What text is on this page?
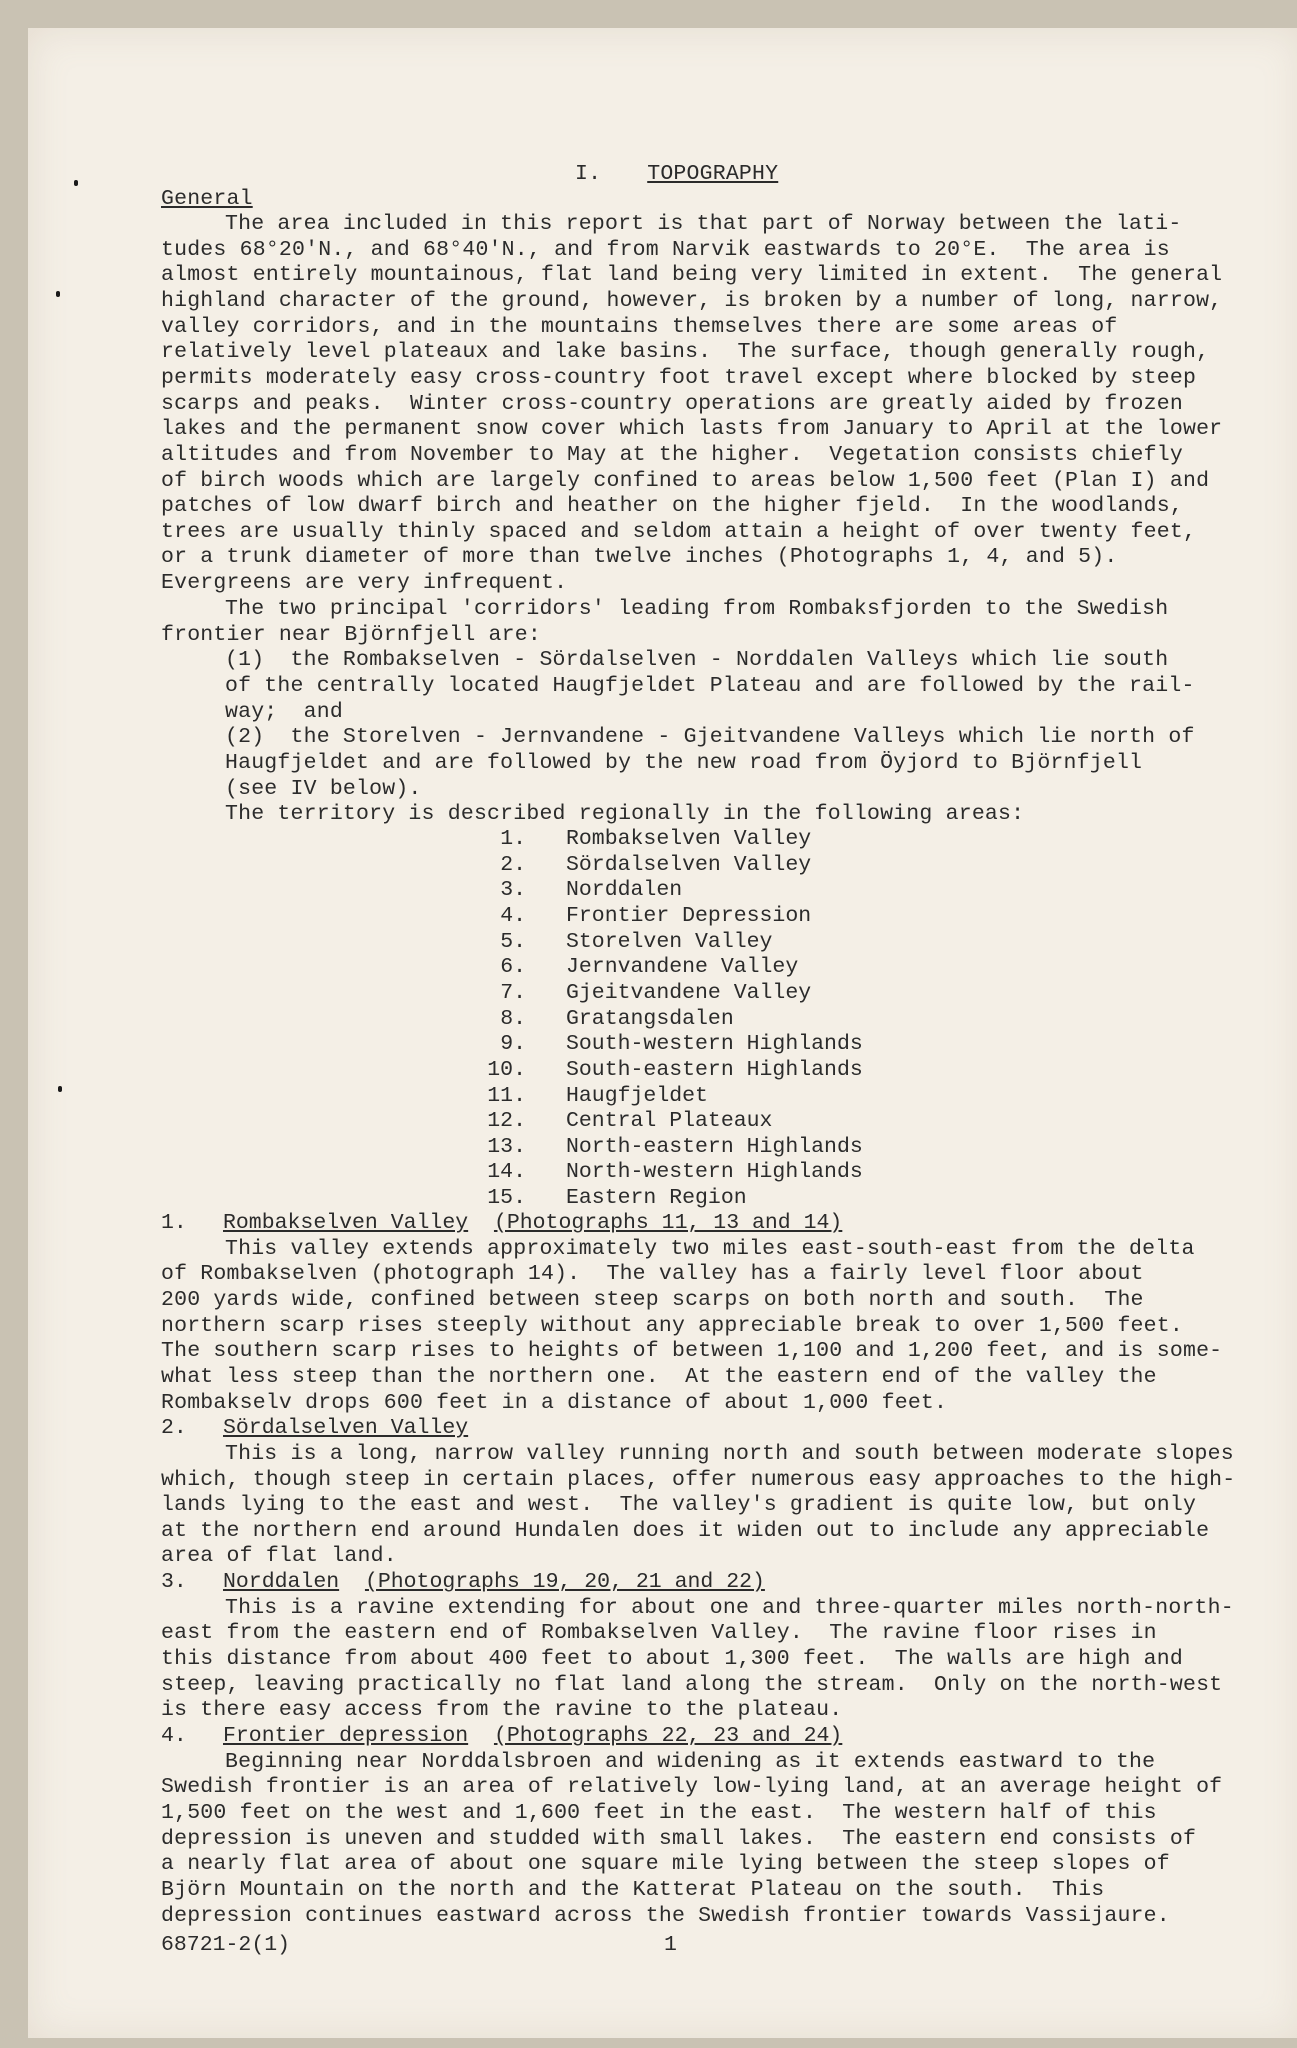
I. TOPOGRAPHY
General
The area included in this report is that part of Norway between the lati-
tudes 68°20'N., and 68°40'N., and from Narvik eastwards to 20°E.  The area is
almost entirely mountainous, flat land being very limited in extent.  The general
highland character of the ground, however, is broken by a number of long, narrow,
valley corridors, and in the mountains themselves there are some areas of
relatively level plateaux and lake basins.  The surface, though generally rough,
permits moderately easy cross-country foot travel except where blocked by steep
scarps and peaks.  Winter cross-country operations are greatly aided by frozen
lakes and the permanent snow cover which lasts from January to April at the lower
altitudes and from November to May at the higher.  Vegetation consists chiefly
of birch woods which are largely confined to areas below 1,500 feet (Plan I) and
patches of low dwarf birch and heather on the higher fjeld.  In the woodlands,
trees are usually thinly spaced and seldom attain a height of over twenty feet,
or a trunk diameter of more than twelve inches (Photographs 1, 4, and 5).
Evergreens are very infrequent.
The two principal 'corridors' leading from Rombaksfjorden to the Swedish
frontier near Björnfjell are:
(1)  the Rombakselven - Sördalselven - Norddalen Valleys which lie south
of the centrally located Haugfjeldet Plateau and are followed by the rail-
way;  and
(2)  the Storelven - Jernvandene - Gjeitvandene Valleys which lie north of
Haugfjeldet and are followed by the new road from Öyjord to Björnfjell
(see IV below).
The territory is described regionally in the following areas:
1. Rombakselven Valley
2. Sördalselven Valley
3. Norddalen
4. Frontier Depression
5. Storelven Valley
6. Jernvandene Valley
7. Gjeitvandene Valley
8. Gratangsdalen
9. South-western Highlands
10. South-eastern Highlands
11. Haugfjeldet
12. Central Plateaux
13. North-eastern Highlands
14. North-western Highlands
15. Eastern Region
1. Rombakselven Valley (Photographs 11, 13 and 14)
This valley extends approximately two miles east-south-east from the delta
of Rombakselven (photograph 14).  The valley has a fairly level floor about
200 yards wide, confined between steep scarps on both north and south.  The
northern scarp rises steeply without any appreciable break to over 1,500 feet.
The southern scarp rises to heights of between 1,100 and 1,200 feet, and is some-
what less steep than the northern one.  At the eastern end of the valley the
Rombakselv drops 600 feet in a distance of about 1,000 feet.
2. Sördalselven Valley
This is a long, narrow valley running north and south between moderate slopes
which, though steep in certain places, offer numerous easy approaches to the high-
lands lying to the east and west.  The valley's gradient is quite low, but only
at the northern end around Hundalen does it widen out to include any appreciable
area of flat land.
3. Norddalen (Photographs 19, 20, 21 and 22)
This is a ravine extending for about one and three-quarter miles north-north-
east from the eastern end of Rombakselven Valley.  The ravine floor rises in
this distance from about 400 feet to about 1,300 feet.  The walls are high and
steep, leaving practically no flat land along the stream.  Only on the north-west
is there easy access from the ravine to the plateau.
4. Frontier depression (Photographs 22, 23 and 24)
Beginning near Norddalsbroen and widening as it extends eastward to the
Swedish frontier is an area of relatively low-lying land, at an average height of
1,500 feet on the west and 1,600 feet in the east.  The western half of this
depression is uneven and studded with small lakes.  The eastern end consists of
a nearly flat area of about one square mile lying between the steep slopes of
Björn Mountain on the north and the Katterat Plateau on the south.  This
depression continues eastward across the Swedish frontier towards Vassijaure.
68721-2(1)	1
